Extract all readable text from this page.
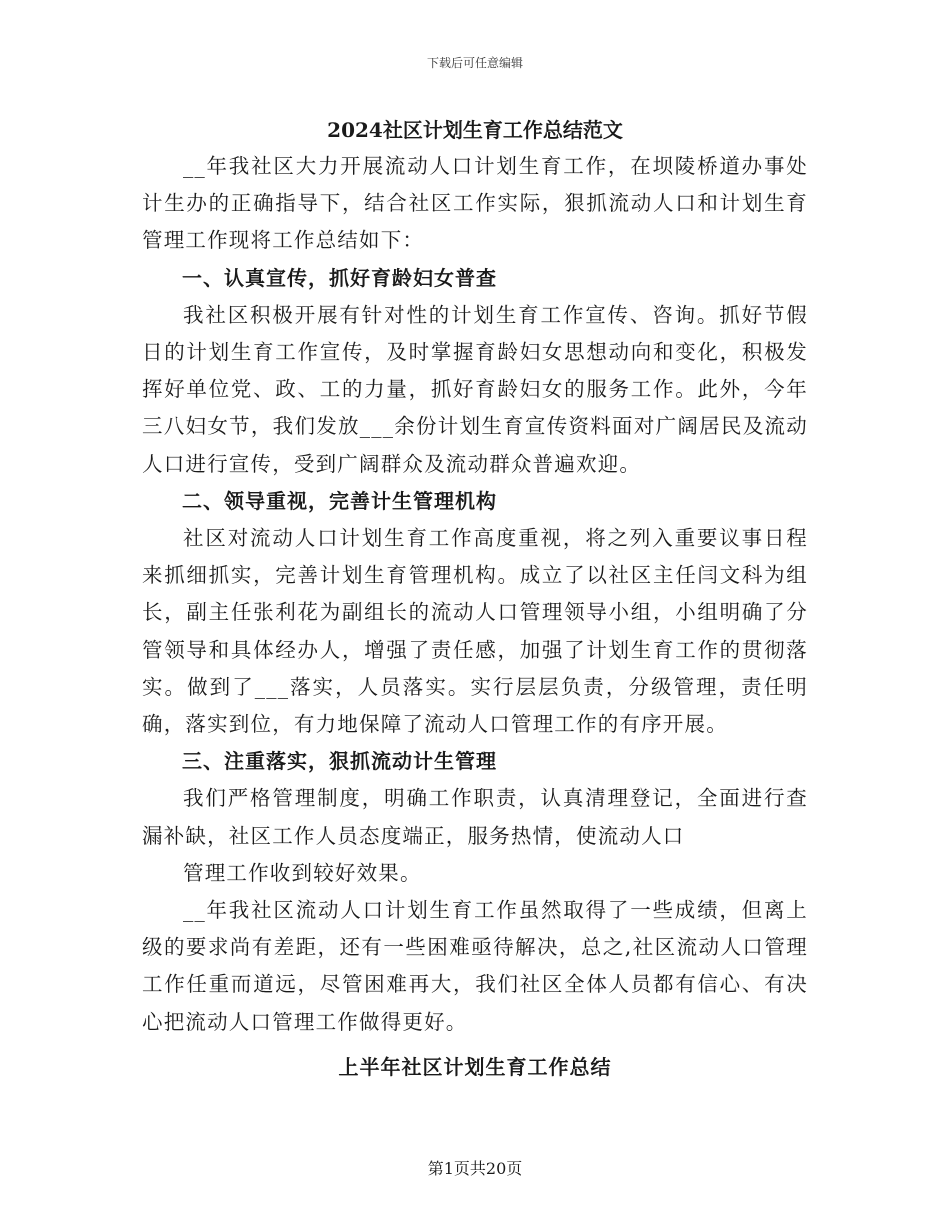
下载后可任意编辑
2024社区计划生育工作总结范文

__年我社区大力开展流动人口计划生育工作，在坝陵桥道办事处计生办的正确指导下，结合社区工作实际，狠抓流动人口和计划生育管理工作现将工作总结如下：

一、认真宣传，抓好育龄妇女普查

我社区积极开展有针对性的计划生育工作宣传、咨询。抓好节假日的计划生育工作宣传，及时掌握育龄妇女思想动向和变化，积极发挥好单位党、政、工的力量，抓好育龄妇女的服务工作。此外，今年三八妇女节，我们发放___余份计划生育宣传资料面对广阔居民及流动人口进行宣传，受到广阔群众及流动群众普遍欢迎。

二、领导重视，完善计生管理机构

社区对流动人口计划生育工作高度重视，将之列入重要议事日程来抓细抓实，完善计划生育管理机构。成立了以社区主任闫文科为组长，副主任张利花为副组长的流动人口管理领导小组，小组明确了分管领导和具体经办人，增强了责任感，加强了计划生育工作的贯彻落实。做到了___落实，人员落实。实行层层负责，分级管理，责任明确，落实到位，有力地保障了流动人口管理工作的有序开展。

三、注重落实，狠抓流动计生管理

我们严格管理制度，明确工作职责，认真清理登记，全面进行查漏补缺，社区工作人员态度端正，服务热情，使流动人口

管理工作收到较好效果。

__年我社区流动人口计划生育工作虽然取得了一些成绩，但离上级的要求尚有差距，还有一些困难亟待解决，总之,社区流动人口管理工作任重而道远，尽管困难再大，我们社区全体人员都有信心、有决心把流动人口管理工作做得更好。

上半年社区计划生育工作总结
第1页共20页
